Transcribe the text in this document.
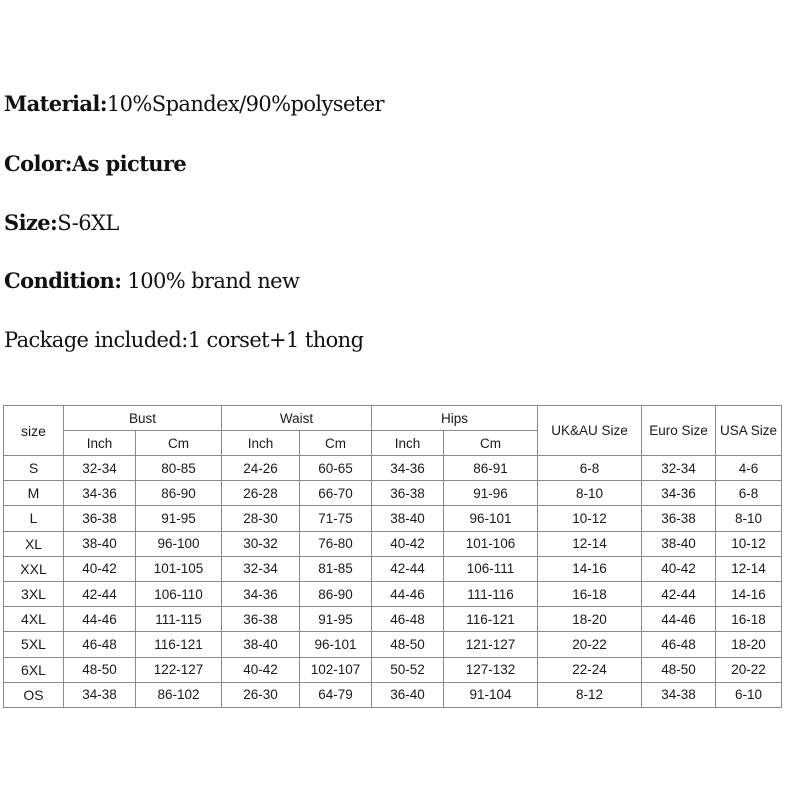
Material:10%Spandex/90%polyseter
Color:As picture
Size:S-6XL
Condition: 100% brand new
Package included:1 corset+1 thong
size	Bust		Waist		Hips		UK&AU Size	Euro Size	USA Size
	Inch	Cm	Inch	Cm	Inch	Cm			
S	32-34	80-85	24-26	60-65	34-36	86-91	6-8	32-34	4-6
M	34-36	86-90	26-28	66-70	36-38	91-96	8-10	34-36	6-8
L	36-38	91-95	28-30	71-75	38-40	96-101	10-12	36-38	8-10
XL	38-40	96-100	30-32	76-80	40-42	101-106	12-14	38-40	10-12
XXL	40-42	101-105	32-34	81-85	42-44	106-111	14-16	40-42	12-14
3XL	42-44	106-110	34-36	86-90	44-46	111-116	16-18	42-44	14-16
4XL	44-46	111-115	36-38	91-95	46-48	116-121	18-20	44-46	16-18
5XL	46-48	116-121	38-40	96-101	48-50	121-127	20-22	46-48	18-20
6XL	48-50	122-127	40-42	102-107	50-52	127-132	22-24	48-50	20-22
OS	34-38	86-102	26-30	64-79	36-40	91-104	8-12	34-38	6-10
